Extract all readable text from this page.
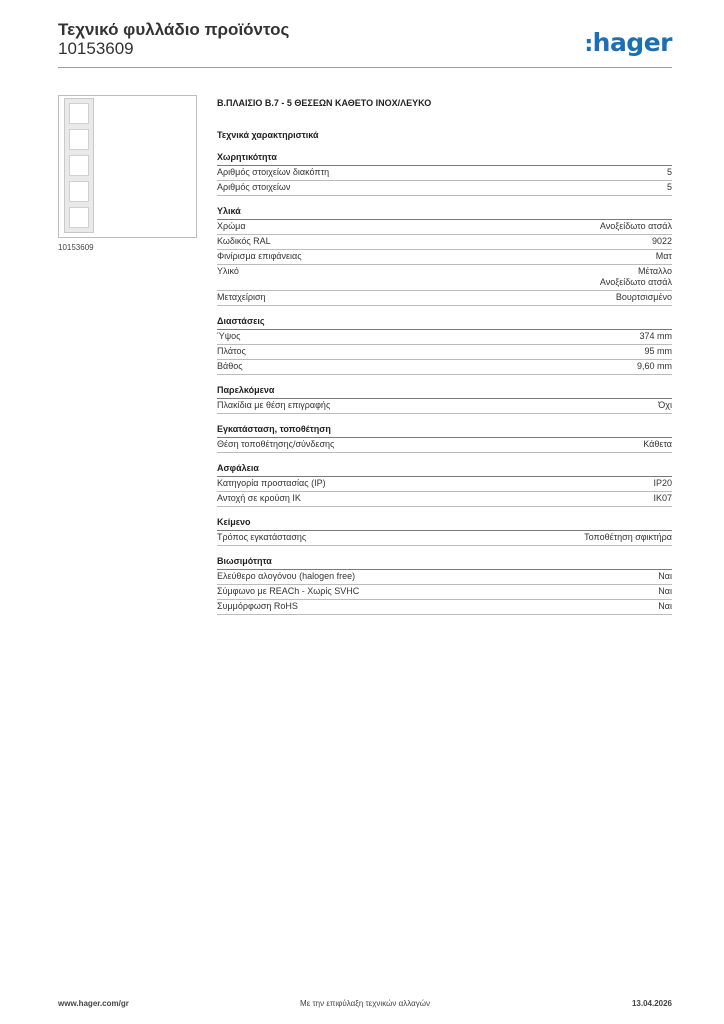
Τεχνικό φυλλάδιο προϊόντος
10153609	:hager
10153609
Β.ΠΛΑΙΣΙΟ Β.7 - 5 ΘΕΣΕΩΝ ΚΑΘΕΤΟ ΙΝΟΧ/ΛΕΥΚΟ
Τεχνικά χαρακτηριστικά
Χωρητικότητα
Αριθμός στοιχείων διακόπτη	5
Αριθμός στοιχείων	5
Υλικά
Χρώμα	Ανοξείδωτο ατσάλ
Κωδικός RAL	9022
Φινίρισμα επιφάνειας	Ματ
Υλικό	Μέταλλο
Ανοξείδωτο ατσάλ
Μεταχείριση	Βουρτσισμένο
Διαστάσεις
Ύψος	374 mm
Πλάτος	95 mm
Βάθος	9,60 mm
Παρελκόμενα
Πλακίδια με θέση επιγραφής	Όχι
Εγκατάσταση, τοποθέτηση
Θέση τοποθέτησης/σύνδεσης	Κάθετα
Ασφάλεια
Κατηγορία προστασίας (IP)	IP20
Αντοχή σε κρούση IK	IK07
Κείμενο
Τρόπος εγκατάστασης	Τοποθέτηση σφικτήρα
Βιωσιμότητα
Ελεύθερο αλογόνου (halogen free)	Ναι
Σύμφωνο με REACh - Χωρίς SVHC	Ναι
Συμμόρφωση RoHS	Ναι
www.hager.com/gr	Με την επιφύλαξη τεχνικών αλλαγών	13.04.2026
